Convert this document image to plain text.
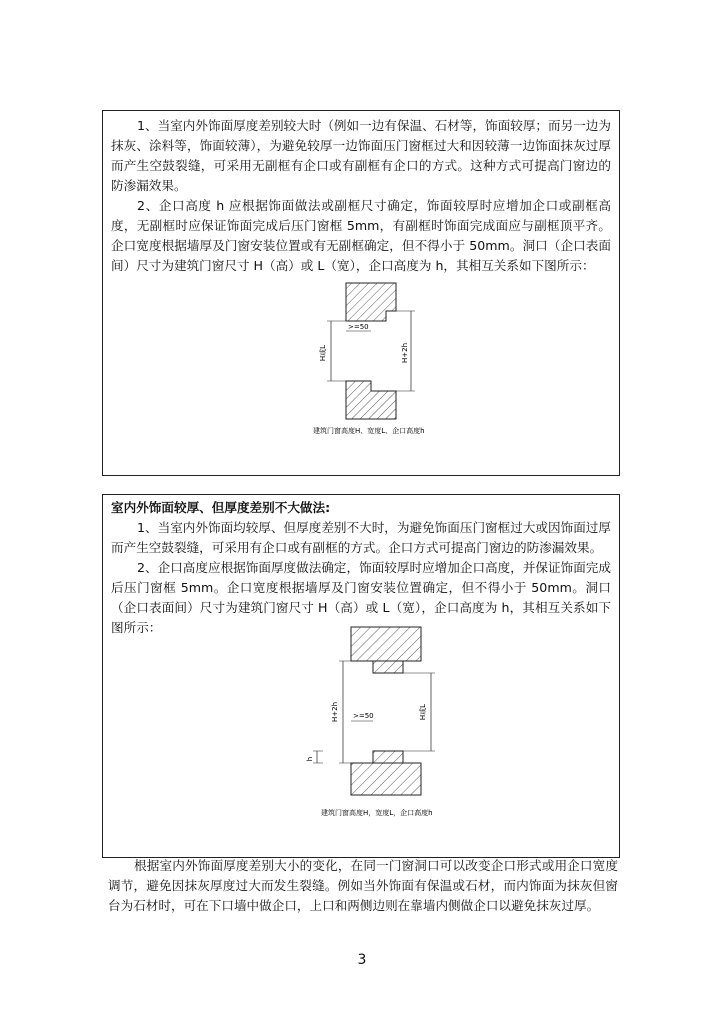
1、当室内外饰面厚度差别较大时（例如一边有保温、石材等，饰面较厚；而另一边为抹灰、涂料等，饰面较薄），为避免较厚一边饰面压门窗框过大和因较薄一边饰面抹灰过厚而产生空鼓裂缝，可采用无副框有企口或有副框有企口的方式。这种方式可提高门窗边的防渗漏效果。

2、企口高度 h 应根据饰面做法或副框尺寸确定，饰面较厚时应增加企口或副框高度，无副框时应保证饰面完成后压门窗框 5mm，有副框时饰面完成面应与副框顶平齐。企口宽度根据墙厚及门窗安装位置或有无副框确定，但不得小于 50mm。洞口（企口表面间）尺寸为建筑门窗尺寸 H（高）或 L（宽），企口高度为 h，其相互关系如下图所示：

>=50
H或L	H+2h
建筑门窗高度H、宽度L、企口高度h

室内外饰面较厚、但厚度差别不大做法:

1、当室内外饰面均较厚、但厚度差别不大时，为避免饰面压门窗框过大或因饰面过厚而产生空鼓裂缝，可采用有企口或有副框的方式。企口方式可提高门窗边的防渗漏效果。

2、企口高度应根据饰面厚度做法确定，饰面较厚时应增加企口高度，并保证饰面完成后压门窗框 5mm。企口宽度根据墙厚及门窗安装位置确定，但不得小于 50mm。洞口（企口表面间）尺寸为建筑门窗尺寸 H（高）或 L（宽），企口高度为 h，其相互关系如下图所示：

>=50
H+2h	H或L
h
建筑门窗高度H，宽度L，企口高度h

根据室内外饰面厚度差别大小的变化，在同一门窗洞口可以改变企口形式或用企口宽度调节，避免因抹灰厚度过大而发生裂缝。例如当外饰面有保温或石材，而内饰面为抹灰但窗台为石材时，可在下口墙中做企口，上口和两侧边则在靠墙内侧做企口以避免抹灰过厚。

3
